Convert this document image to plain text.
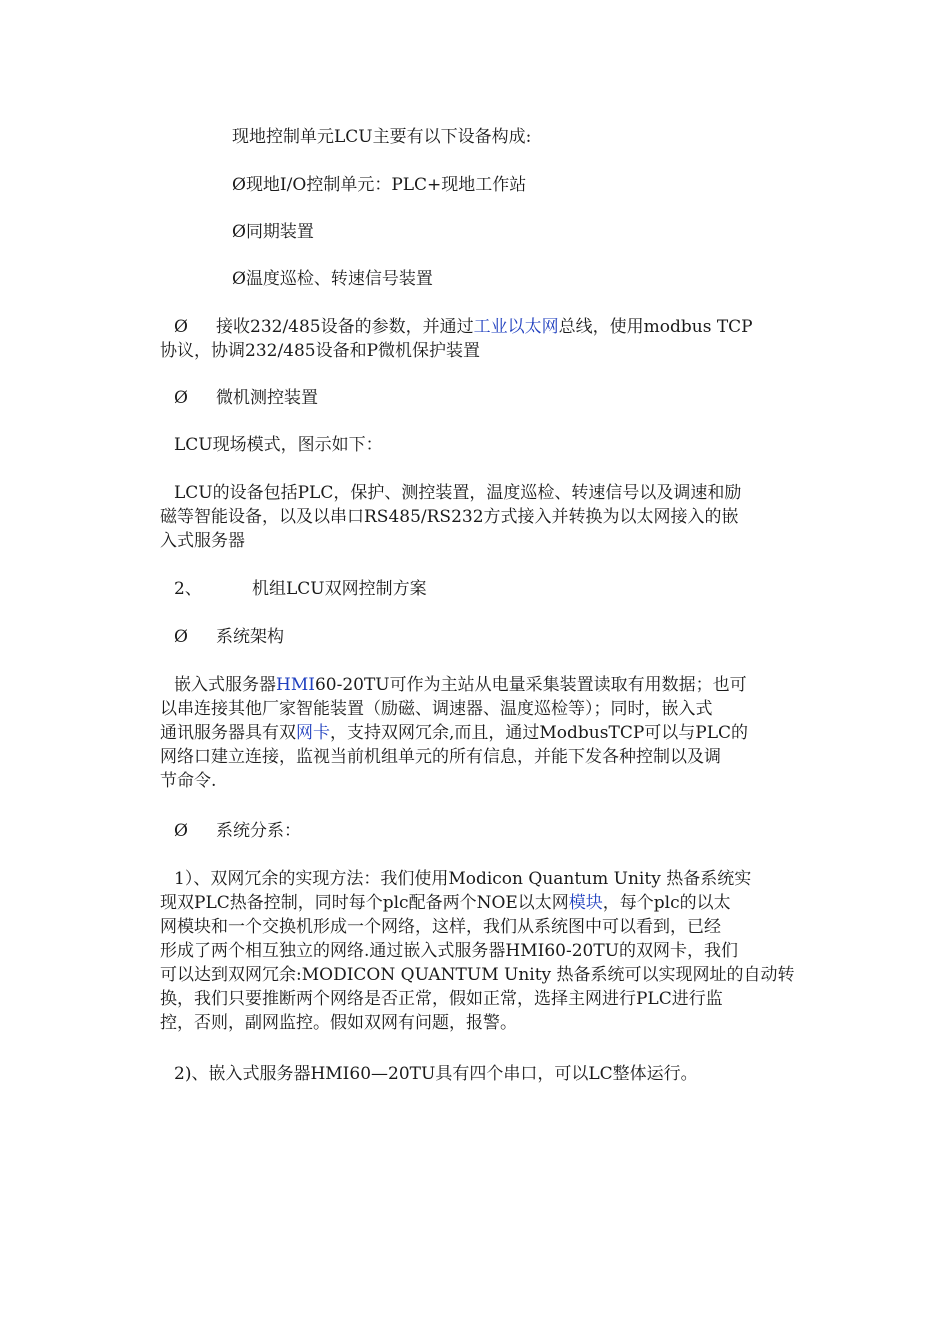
现地控制单元LCU主要有以下设备构成:

Ø现地I/O控制单元：PLC+现地工作站

Ø同期装置

Ø温度巡检、转速信号装置

Ø 接收232/485设备的参数，并通过工业以太网总线，使用modbus TCP
协议，协调232/485设备和P微机保护装置

Ø 微机测控装置

LCU现场模式，图示如下：

LCU的设备包括PLC，保护、测控装置，温度巡检、转速信号以及调速和励
磁等智能设备，以及以串口RS485/RS232方式接入并转换为以太网接入的嵌
入式服务器

2、	机组LCU双网控制方案

Ø 系统架构

嵌入式服务器HMI60-20TU可作为主站从电量采集装置读取有用数据；也可
以串连接其他厂家智能装置（励磁、调速器、温度巡检等）；同时，嵌入式
通讯服务器具有双网卡，支持双网冗余,而且，通过ModbusTCP可以与PLC的
网络口建立连接，监视当前机组单元的所有信息，并能下发各种控制以及调
节命令.

Ø 系统分系：

1）、双网冗余的实现方法：我们使用Modicon Quantum Unity 热备系统实
现双PLC热备控制，同时每个plc配备两个NOE以太网模块，每个plc的以太
网模块和一个交换机形成一个网络，这样，我们从系统图中可以看到，已经
形成了两个相互独立的网络.通过嵌入式服务器HMI60-20TU的双网卡，我们
可以达到双网冗余:MODICON QUANTUM Unity 热备系统可以实现网址的自动转
换，我们只要推断两个网络是否正常，假如正常，选择主网进行PLC进行监
控，否则，副网监控。假如双网有问题，报警。

2)、嵌入式服务器HMI60—20TU具有四个串口，可以LC整体运行。
